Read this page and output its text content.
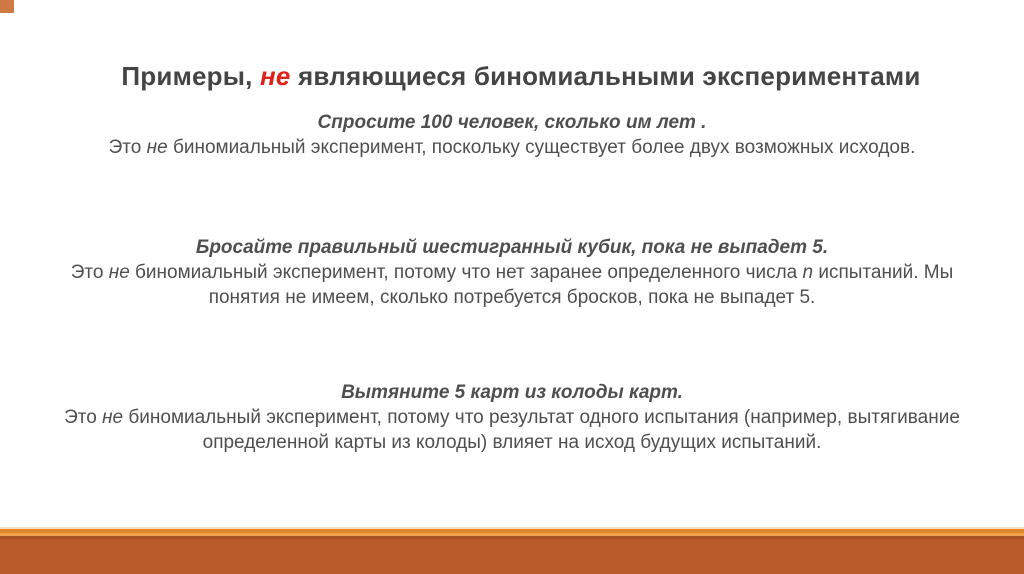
Примеры, не являющиеся биномиальными экспериментами
Спросите 100 человек, сколько им лет .
Это не биномиальный эксперимент, поскольку существует более двух возможных исходов.
Бросайте правильный шестигранный кубик, пока не выпадет 5.
Это не биномиальный эксперимент, потому что нет заранее определенного числа n испытаний. Мы
понятия не имеем, сколько потребуется бросков, пока не выпадет 5.
Вытяните 5 карт из колоды карт.
Это не биномиальный эксперимент, потому что результат одного испытания (например, вытягивание
определенной карты из колоды) влияет на исход будущих испытаний.
